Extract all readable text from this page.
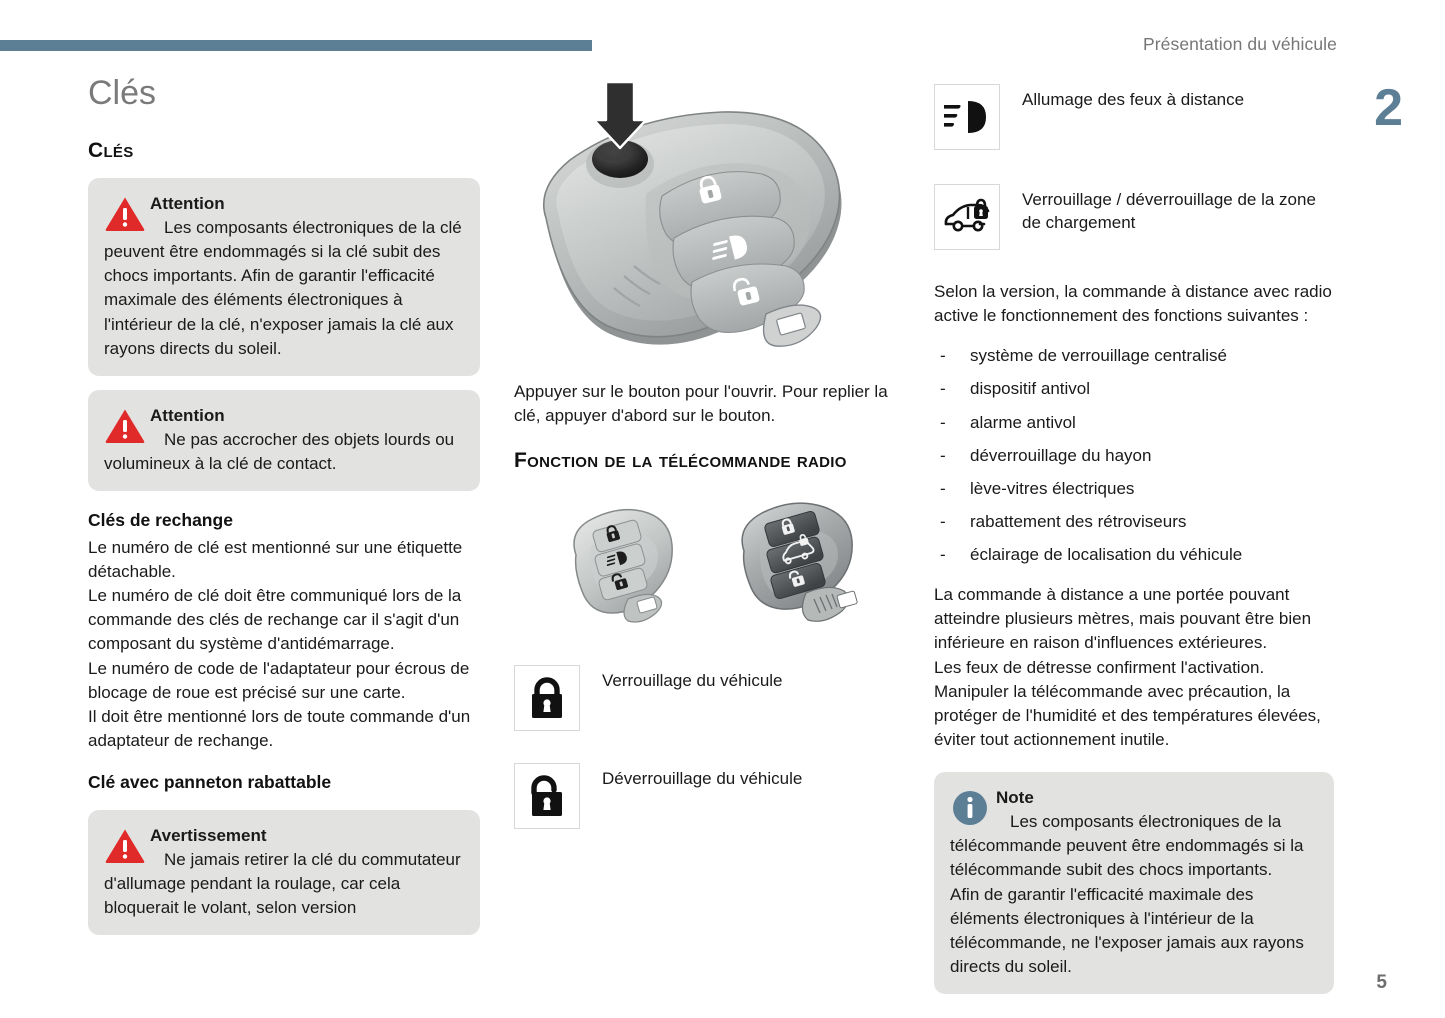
Présentation du véhicule
2
5
Clés
Clés
Attention
Les composants électroniques de la clé peuvent être endommagés si la clé subit des chocs importants. Afin de garantir l'efficacité maximale des éléments électroniques à l'intérieur de la clé, n'exposer jamais la clé aux rayons directs du soleil.
Attention
Ne pas accrocher des objets lourds ou volumineux à la clé de contact.
Clés de rechange

Le numéro de clé est mentionné sur une étiquette détachable.

Le numéro de clé doit être communiqué lors de la commande des clés de rechange car il s'agit d'un composant du système d'antidémarrage.

Le numéro de code de l'adaptateur pour écrous de blocage de roue est précisé sur une carte.

Il doit être mentionné lors de toute commande d'un adaptateur de rechange.

Clé avec panneton rabattable
Avertissement
Ne jamais retirer la clé du commutateur d'allumage pendant la roulage, car cela bloquerait le volant, selon version

Appuyer sur le bouton pour l'ouvrir. Pour replier la clé, appuyer d'abord sur le bouton.

Fonction de la télécommande radio
Verrouillage du véhicule
Déverrouillage du véhicule
Allumage des feux à distance
Verrouillage / déverrouillage de la zone de chargement

Selon la version, la commande à distance avec radio active le fonctionnement des fonctions suivantes :

- système de verrouillage centralisé
- dispositif antivol
- alarme antivol
- déverrouillage du hayon
- lève-vitres électriques
- rabattement des rétroviseurs
- éclairage de localisation du véhicule

La commande à distance a une portée pouvant atteindre plusieurs mètres, mais pouvant être bien inférieure en raison d'influences extérieures.

Les feux de détresse confirment l'activation.

Manipuler la télécommande avec précaution, la protéger de l'humidité et des températures élevées, éviter tout actionnement inutile.

Note
Les composants électroniques de la télécommande peuvent être endommagés si la télécommande subit des chocs importants.
Afin de garantir l'efficacité maximale des éléments électroniques à l'intérieur de la télécommande, ne l'exposer jamais aux rayons directs du soleil.
